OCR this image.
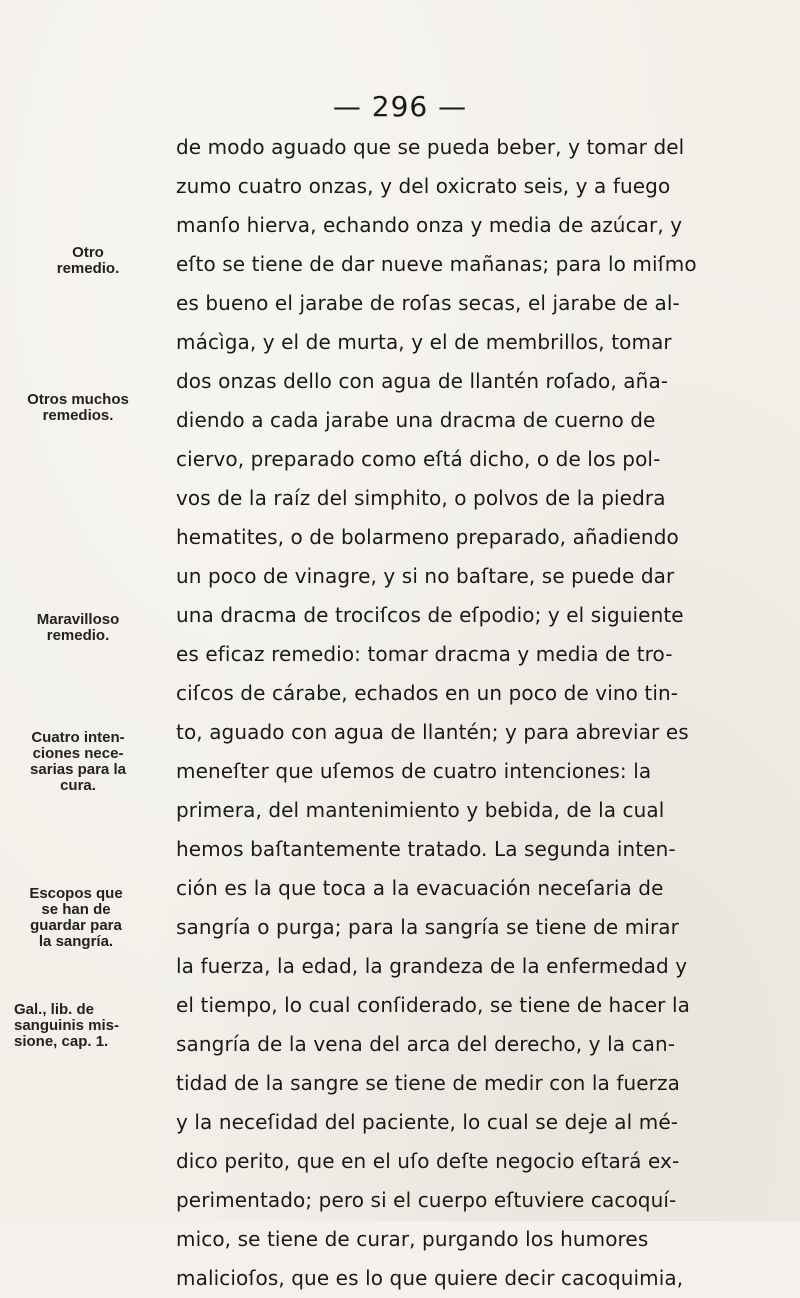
— 296 —
Otro
remedio.
Otros muchos
remedios.
Maravilloso
remedio.
Cuatro inten-
ciones nece-
sarias para la
cura.
Escopos que
se han de
guardar para
la sangría.
Gal., lib. de
sanguinis mis-
sione, cap. 1.
de modo aguado que se pueda beber, y tomar del
zumo cuatro onzas, y del oxicrato seis, y a fuego
manſo hierva, echando onza y media de azúcar, y
eſto se tiene de dar nueve mañanas; para lo miſmo
es bueno el jarabe de roſas secas, el jarabe de al-
mácìga, y el de murta, y el de membrillos, tomar
dos onzas dello con agua de llantén roſado, aña-
diendo a cada jarabe una dracma de cuerno de
ciervo, preparado como eſtá dicho, o de los pol-
vos de la raíz del simphito, o polvos de la piedra
hematites, o de bolarmeno preparado, añadiendo
un poco de vinagre, y si no baſtare, se puede dar
una dracma de trociſcos de eſpodio; y el siguiente
es eficaz remedio: tomar dracma y media de tro-
ciſcos de cárabe, echados en un poco de vino tin-
to, aguado con agua de llantén; y para abreviar es
meneſter que uſemos de cuatro intenciones: la
primera, del mantenimiento y bebida, de la cual
hemos baſtantemente tratado. La segunda inten-
ción es la que toca a la evacuación neceſaria de
sangría o purga; para la sangría se tiene de mirar
la fuerza, la edad, la grandeza de la enfermedad y
el tiempo, lo cual conſiderado, se tiene de hacer la
sangría de la vena del arca del derecho, y la can-
tidad de la sangre se tiene de medir con la fuerza
y la neceſidad del paciente, lo cual se deje al mé-
dico perito, que en el uſo deſte negocio eſtará ex-
perimentado; pero si el cuerpo eſtuviere cacoquí-
mico, se tiene de curar, purgando los humores
malicioſos, que es lo que quiere decir cacoquimia,
